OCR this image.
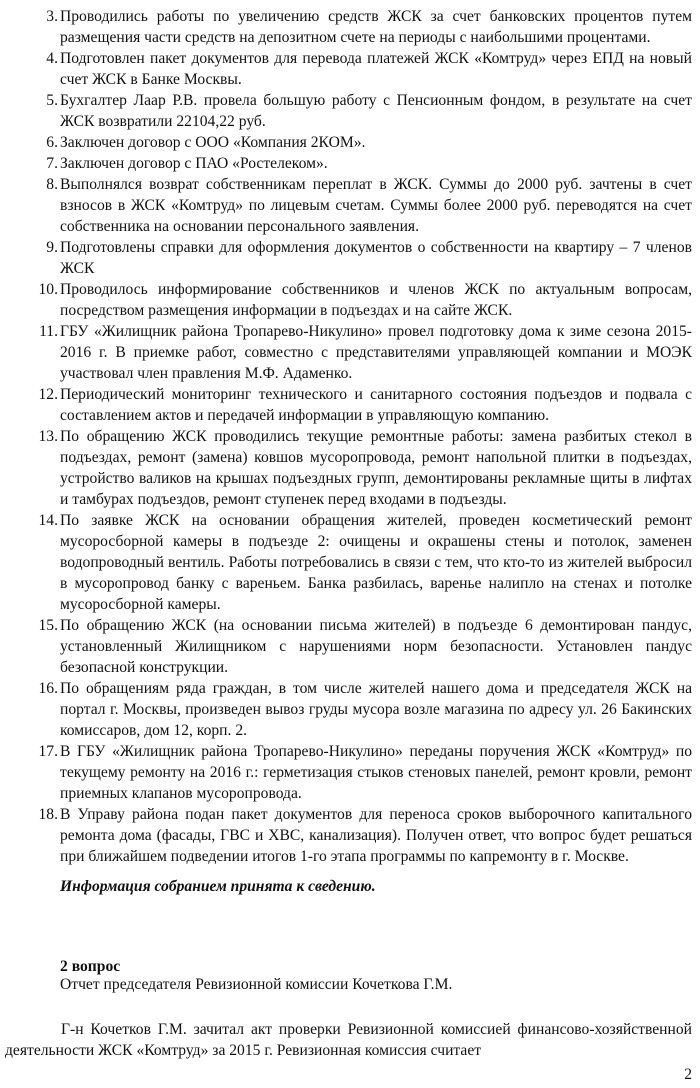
3. Проводились работы по увеличению средств ЖСК за счет банковских процентов путем размещения части средств на депозитном счете на периоды с наибольшими процентами.
4. Подготовлен пакет документов для перевода платежей ЖСК «Комтруд» через ЕПД на новый счет ЖСК в Банке Москвы.
5. Бухгалтер Лаар Р.В. провела большую работу с Пенсионным фондом, в результате на счет ЖСК возвратили 22104,22 руб.
6. Заключен договор с ООО «Компания 2КОМ».
7. Заключен договор с ПАО «Ростелеком».
8. Выполнялся возврат собственникам переплат в ЖСК. Суммы до 2000 руб. зачтены в счет взносов в ЖСК «Комтруд» по лицевым счетам. Суммы более 2000 руб. переводятся на счет собственника на основании персонального заявления.
9. Подготовлены справки для оформления документов о собственности на квартиру – 7 членов ЖСК
10. Проводилось информирование собственников и членов ЖСК по актуальным вопросам, посредством размещения информации в подъездах и на сайте ЖСК.
11. ГБУ «Жилищник района Тропарево-Никулино» провел подготовку дома к зиме сезона 2015-2016 г. В приемке работ, совместно с представителями управляющей компании и МОЭК участвовал член правления М.Ф. Адаменко.
12. Периодический мониторинг технического и санитарного состояния подъездов и подвала с составлением актов и передачей информации в управляющую компанию.
13. По обращению ЖСК проводились текущие ремонтные работы: замена разбитых стекол в подъездах, ремонт (замена) ковшов мусоропровода, ремонт напольной плитки в подъездах, устройство валиков на крышах подъездных групп, демонтированы рекламные щиты в лифтах и тамбурах подъездов, ремонт ступенек перед входами в подъезды.
14. По заявке ЖСК на основании обращения жителей, проведен косметический ремонт мусоросборной камеры в подъезде 2: очищены и окрашены стены и потолок, заменен водопроводный вентиль. Работы потребовались в связи с тем, что кто-то из жителей выбросил в мусоропровод банку с вареньем. Банка разбилась, варенье налипло на стенах и потолке мусоросборной камеры.
15. По обращению ЖСК (на основании письма жителей) в подъезде 6 демонтирован пандус, установленный Жилищником с нарушениями норм безопасности. Установлен пандус безопасной конструкции.
16. По обращениям ряда граждан, в том числе жителей нашего дома и председателя ЖСК на портал г. Москвы, произведен вывоз груды мусора возле магазина по адресу ул. 26 Бакинских комиссаров, дом 12, корп. 2.
17. В ГБУ «Жилищник района Тропарево-Никулино» переданы поручения ЖСК «Комтруд» по текущему ремонту на 2016 г.: герметизация стыков стеновых панелей, ремонт кровли, ремонт приемных клапанов мусоропровода.
18. В Управу района подан пакет документов для переноса сроков выборочного капитального ремонта дома (фасады, ГВС и ХВС, канализация). Получен ответ, что вопрос будет решаться при ближайшем подведении итогов 1-го этапа программы по капремонту в г. Москве.
Информация собранием принята к сведению.
2 вопрос
Отчет председателя Ревизионной комиссии Кочеткова Г.М.
Г-н Кочетков Г.М. зачитал акт проверки Ревизионной комиссией финансово-хозяйственной деятельности ЖСК «Комтруд» за 2015 г. Ревизионная комиссия считает
2
